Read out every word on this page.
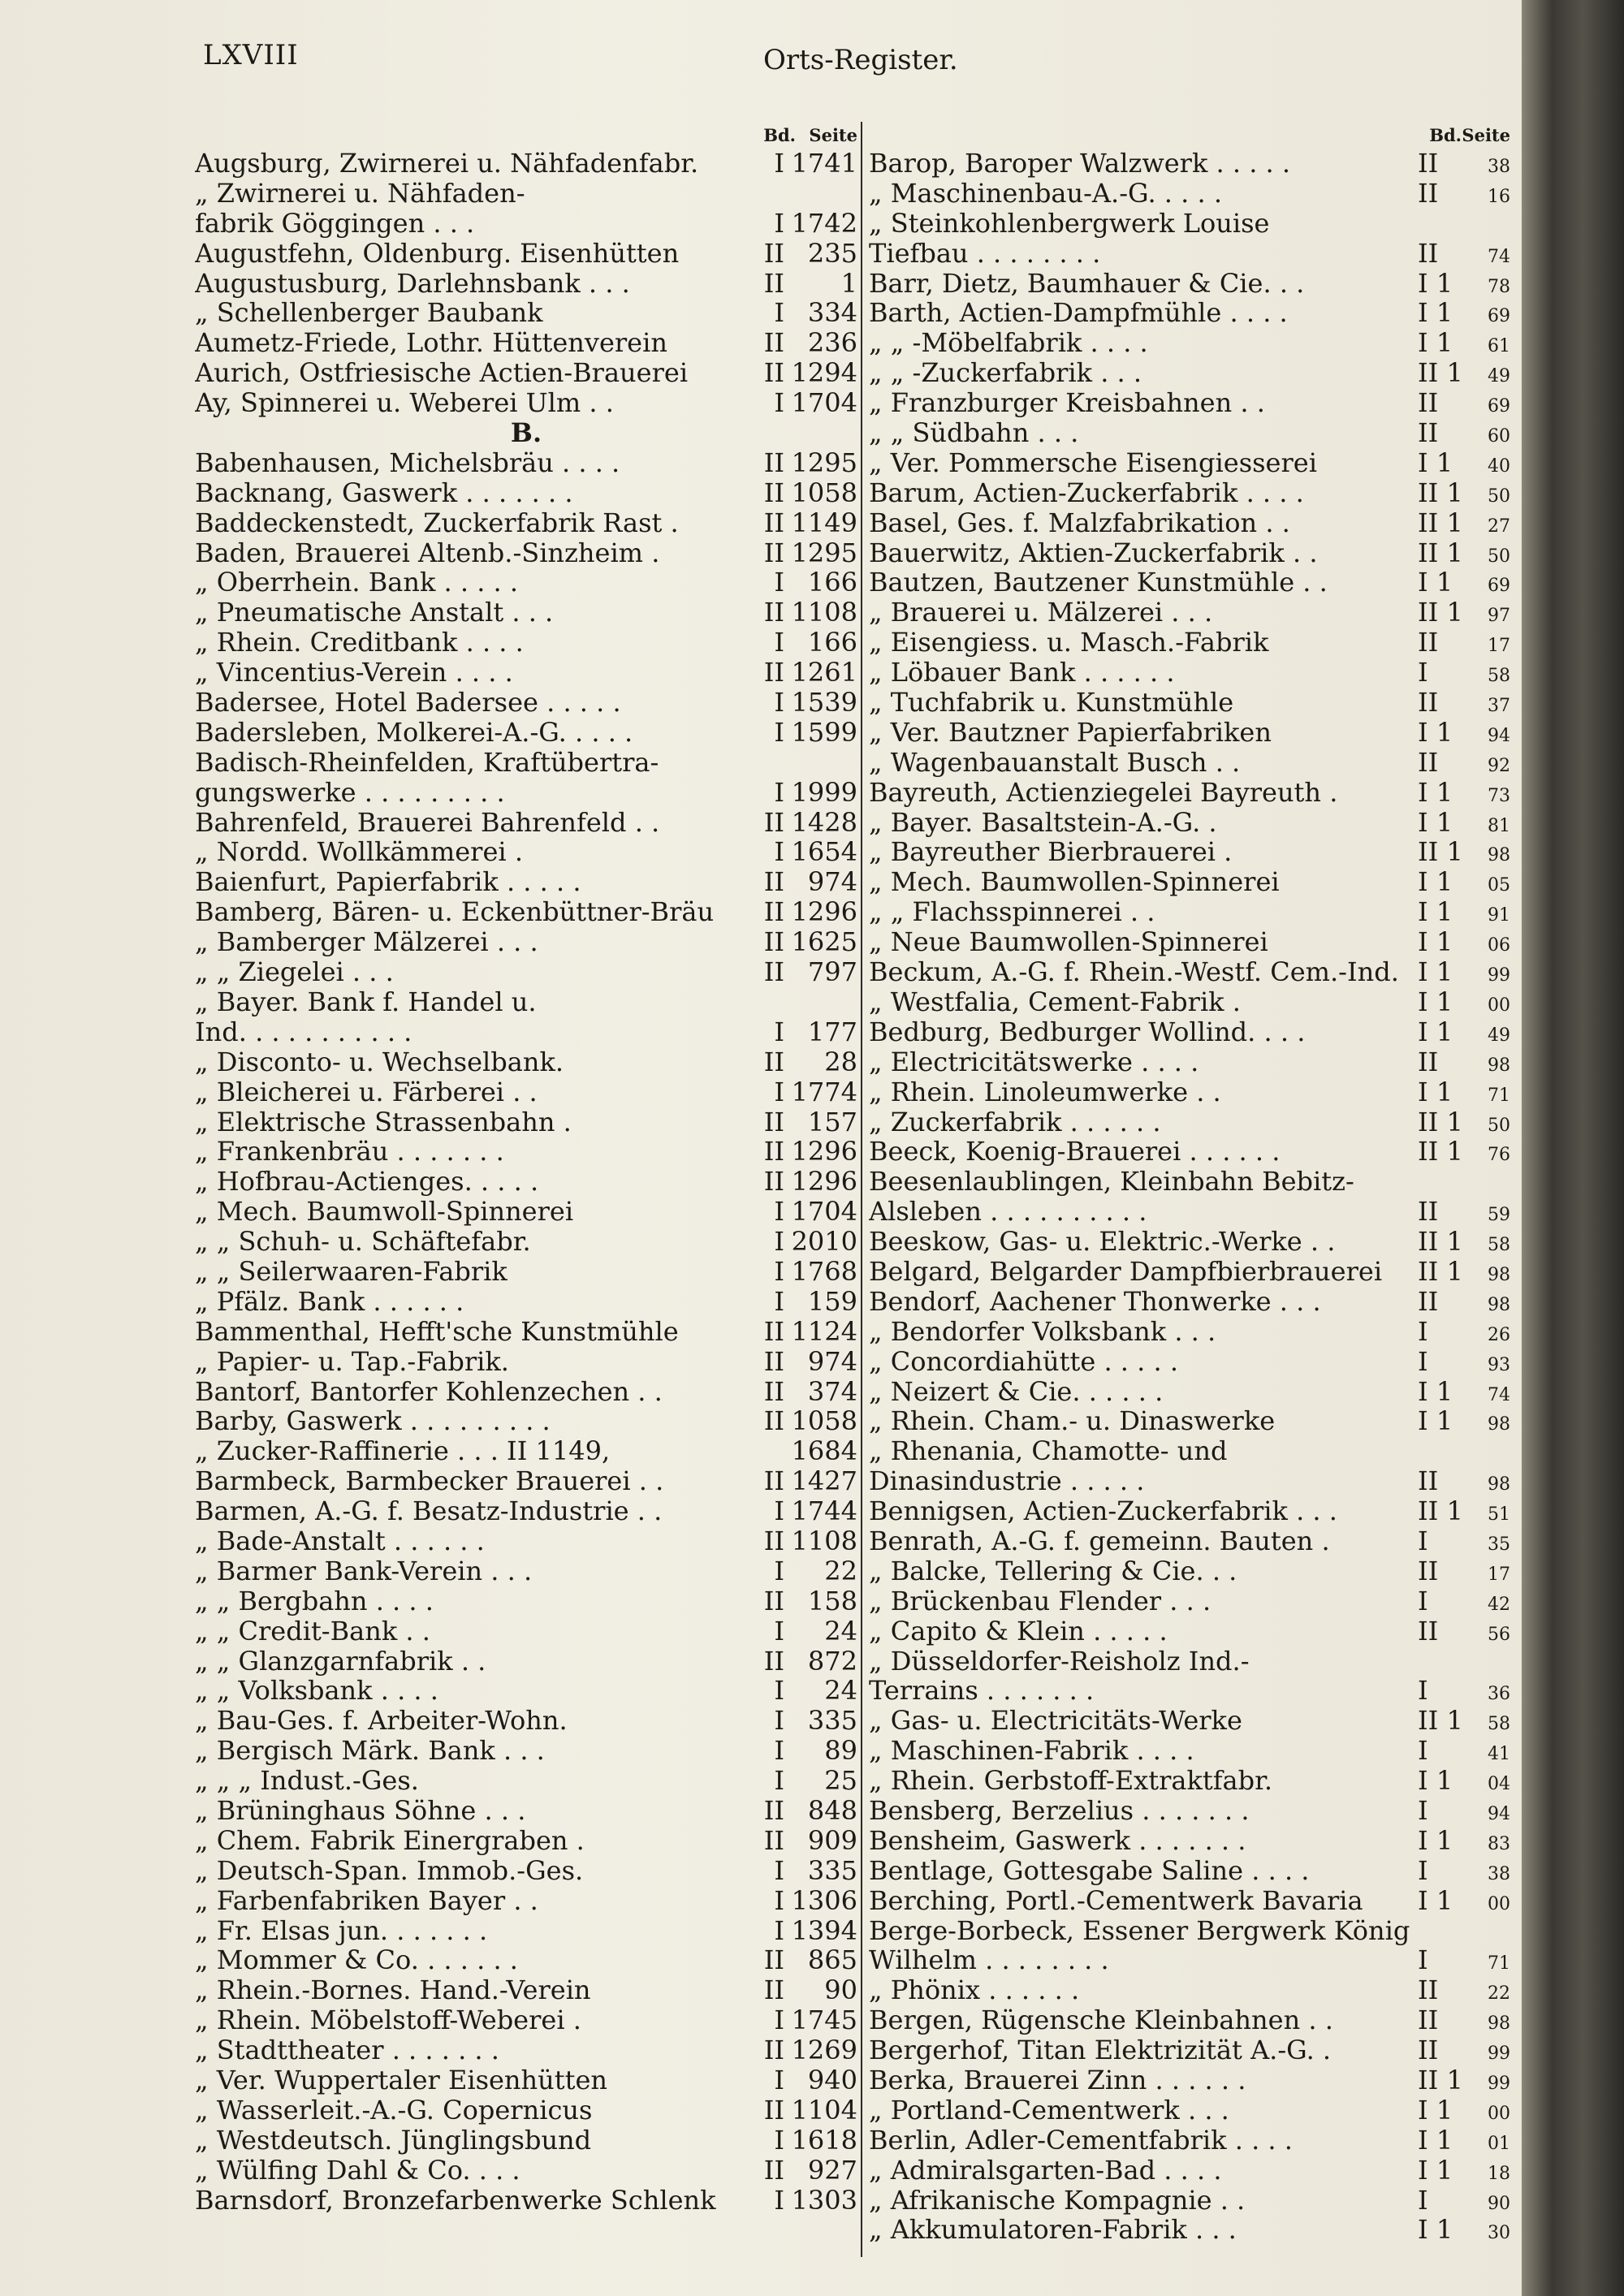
LXVIII	Orts-Register.
Bd. Seite
Augsburg, Zwirnerei u. Nähfadenfabr.	I 1741
„ Zwirnerei u. Nähfaden-
fabrik Göggingen . . .	I 1742
Augustfehn, Oldenburg. Eisenhütten	II 235
Augustusburg, Darlehnsbank . . .	II	1
„ Schellenberger Baubank	I 334
Aumetz-Friede, Lothr. Hüttenverein	II 236
Aurich, Ostfriesische Actien-Brauerei	II 1294
Ay, Spinnerei u. Weberei Ulm . .	I 1704
B.
Babenhausen, Michelsbräu . . . .	II 1295
Backnang, Gaswerk . . . . . . .	II 1058
Baddeckenstedt, Zuckerfabrik Rast .	II 1149
Baden, Brauerei Altenb.-Sinzheim .	II 1295
„ Oberrhein. Bank . . . . .	I 166
„ Pneumatische Anstalt . . .	II 1108
„ Rhein. Creditbank . . . .	I 166
„ Vincentius-Verein . . . .	II 1261
Badersee, Hotel Badersee . . . . .	I 1539
Badersleben, Molkerei-A.-G. . . . .	I 1599
Badisch-Rheinfelden, Kraftübertra-
gungswerke . . . . . . . . .	I 1999
Bahrenfeld, Brauerei Bahrenfeld . .	II 1428
„ Nordd. Wollkämmerei .	I 1654
Baienfurt, Papierfabrik . . . . .	II 974
Bamberg, Bären- u. Eckenbüttner-Bräu	II 1296
„ Bamberger Mälzerei . . .	II 1625
„ „ Ziegelei . . .	II 797
„ Bayer. Bank f. Handel u.
Ind. . . . . . . . . . .	I 177
„ Disconto- u. Wechselbank.	II	28
„ Bleicherei u. Färberei . .	I 1774
„ Elektrische Strassenbahn .	II 157
„ Frankenbräu . . . . . . .	II 1296
„ Hofbrau-Actienges. . . . .	II 1296
„ Mech. Baumwoll-Spinnerei	I 1704
„ „ Schuh- u. Schäftefabr.	I 2010
„ „ Seilerwaaren-Fabrik	I 1768
„ Pfälz. Bank . . . . . .	I 159
Bammenthal, Hefft'sche Kunstmühle	II 1124
„ Papier- u. Tap.-Fabrik.	II 974
Bantorf, Bantorfer Kohlenzechen . .	II 374
Barby, Gaswerk . . . . . . . . .	II 1058
„ Zucker-Raffinerie . . . II 1149,	1684
Barmbeck, Barmbecker Brauerei . .	II 1427
Barmen, A.-G. f. Besatz-Industrie . .	I 1744
„ Bade-Anstalt . . . . . .	II 1108
„ Barmer Bank-Verein . . .	I	22
„ „ Bergbahn . . . .	II 158
„ „ Credit-Bank . .	I	24
„ „ Glanzgarnfabrik . .	II 872
„ „ Volksbank . . . .	I	24
„ Bau-Ges. f. Arbeiter-Wohn.	I 335
„ Bergisch Märk. Bank . . .	I	89
„ „ „ Indust.-Ges.	I	25
„ Brüninghaus Söhne . . .	II 848
„ Chem. Fabrik Einergraben .	II 909
„ Deutsch-Span. Immob.-Ges.	I 335
„ Farbenfabriken Bayer . .	I 1306
„ Fr. Elsas jun. . . . . . .	I 1394
„ Mommer & Co. . . . . . .	II 865
„ Rhein.-Bornes. Hand.-Verein	II	90
„ Rhein. Möbelstoff-Weberei .	I 1745
„ Stadttheater . . . . . . .	II 1269
„ Ver. Wuppertaler Eisenhütten	I 940
„ Wasserleit.-A.-G. Copernicus	II 1104
„ Westdeutsch. Jünglingsbund	I 1618
„ Wülfing Dahl & Co. . . .	II 927
Barnsdorf, Bronzefarbenwerke Schlenk	I 1303
Bd. Seite
Barop, Baroper Walzwerk . . . . .	II	38
„ Maschinenbau-A.-G. . . . .	II	16
„ Steinkohlenbergwerk Louise
Tiefbau . . . . . . . .	II	74
Barr, Dietz, Baumhauer & Cie. . .	I 1	78
Barth, Actien-Dampfmühle . . . .	I 1	69
„ „ -Möbelfabrik . . . .	I 1	61
„ „ -Zuckerfabrik . . .	II 1	49
„ Franzburger Kreisbahnen . .	II	69
„ „ Südbahn . . .	II	60
„ Ver. Pommersche Eisengiesserei	I 1	40
Barum, Actien-Zuckerfabrik . . . .	II 1	50
Basel, Ges. f. Malzfabrikation . .	II 1	27
Bauerwitz, Aktien-Zuckerfabrik . .	II 1	50
Bautzen, Bautzener Kunstmühle . .	I 1	69
„ Brauerei u. Mälzerei . . .	II 1	97
„ Eisengiess. u. Masch.-Fabrik	II	17
„ Löbauer Bank . . . . . .	I	58
„ Tuchfabrik u. Kunstmühle	II	37
„ Ver. Bautzner Papierfabriken	I 1	94
„ Wagenbauanstalt Busch . .	II	92
Bayreuth, Actienziegelei Bayreuth .	I 1	73
„ Bayer. Basaltstein-A.-G. .	I 1	81
„ Bayreuther Bierbrauerei .	II 1	98
„ Mech. Baumwollen-Spinnerei	I 1	05
„ „ Flachsspinnerei . .	I 1	91
„ Neue Baumwollen-Spinnerei	I 1	06
Beckum, A.-G. f. Rhein.-Westf. Cem.-Ind. I 1	99
„ Westfalia, Cement-Fabrik .	I 1	00
Bedburg, Bedburger Wollind. . . .	I 1	49
„ Electricitätswerke . . . .	II	98
„ Rhein. Linoleumwerke . .	I 1	71
„ Zuckerfabrik . . . . . .	II 1	50
Beeck, Koenig-Brauerei . . . . . .	II 1	76
Beesenlaublingen, Kleinbahn Bebitz-
Alsleben . . . . . . . . . .	II	59
Beeskow, Gas- u. Elektric.-Werke . .	II 1	58
Belgard, Belgarder Dampfbierbrauerei	II 1	98
Bendorf, Aachener Thonwerke . . .	II	98
„ Bendorfer Volksbank . . .	I	26
„ Concordiahütte . . . . .	I	93
„ Neizert & Cie. . . . . .	I 1	74
„ Rhein. Cham.- u. Dinaswerke	I 1	98
„ Rhenania, Chamotte- und
Dinasindustrie . . . . .	II	98
Bennigsen, Actien-Zuckerfabrik . . .	II 1	51
Benrath, A.-G. f. gemeinn. Bauten .	I	35
„ Balcke, Tellering & Cie. . .	II	17
„ Brückenbau Flender . . .	I	42
„ Capito & Klein . . . . .	II	56
„ Düsseldorfer-Reisholz Ind.-
Terrains . . . . . . .	I	36
„ Gas- u. Electricitäts-Werke	II 1	58
„ Maschinen-Fabrik . . . .	I	41
„ Rhein. Gerbstoff-Extraktfabr.	I 1	04
Bensberg, Berzelius . . . . . . .	I	94
Bensheim, Gaswerk . . . . . . .	I 1	83
Bentlage, Gottesgabe Saline . . . .	I	38
Berching, Portl.-Cementwerk Bavaria	I 1	00
Berge-Borbeck, Essener Bergwerk König
Wilhelm . . . . . . . .	I	71
„ Phönix . . . . . .	II	22
Bergen, Rügensche Kleinbahnen . .	II	98
Bergerhof, Titan Elektrizität A.-G. .	II	99
Berka, Brauerei Zinn . . . . . .	II 1	99
„ Portland-Cementwerk . . .	I 1	00
Berlin, Adler-Cementfabrik . . . .	I 1	01
„ Admiralsgarten-Bad . . . .	I 1	18
„ Afrikanische Kompagnie . .	I	90
„ Akkumulatoren-Fabrik . . .	I 1	30
